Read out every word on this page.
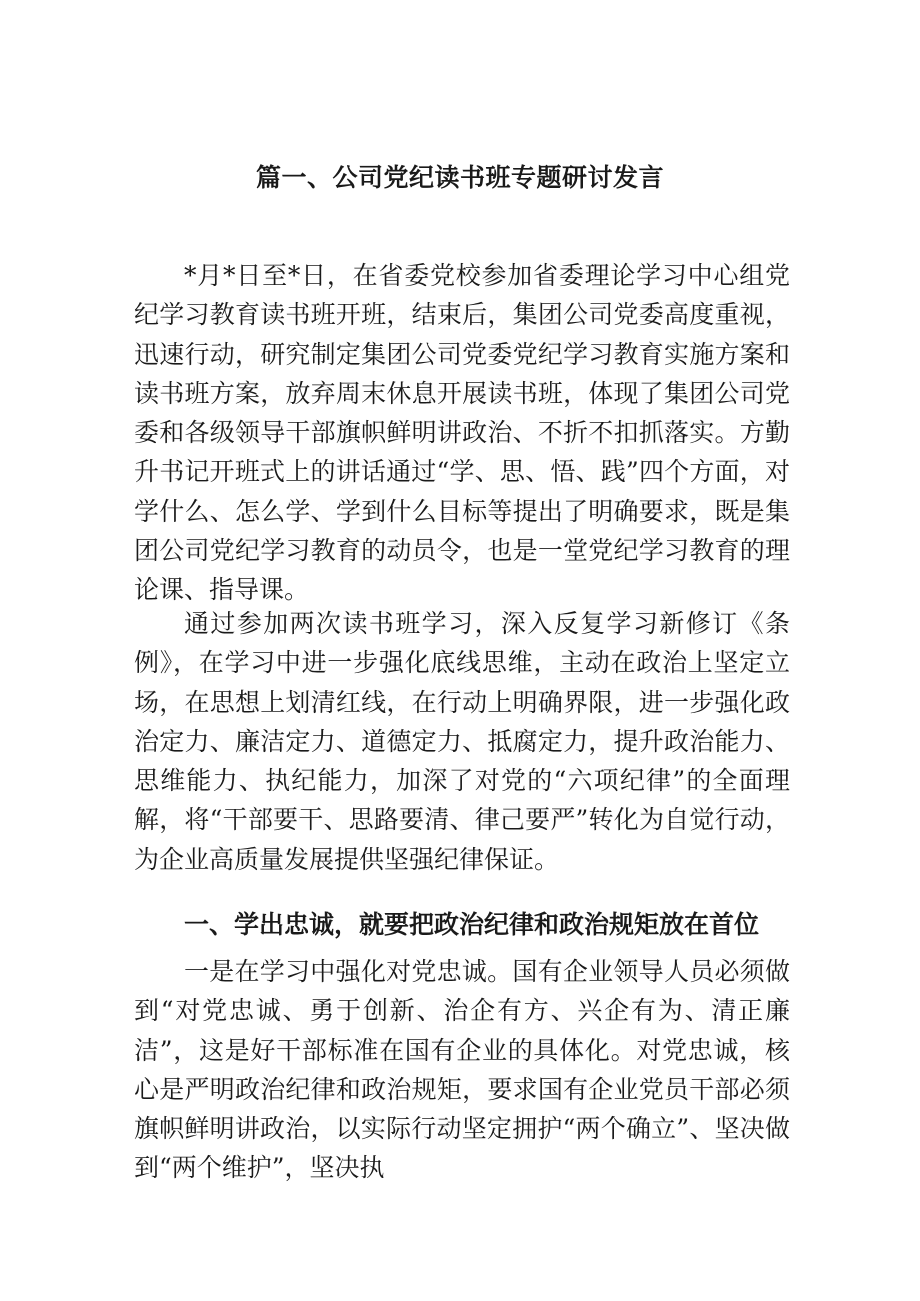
篇一、公司党纪读书班专题研讨发言

*月*日至*日，在省委党校参加省委理论学习中心组党纪学习教育读书班开班，结束后，集团公司党委高度重视，迅速行动，研究制定集团公司党委党纪学习教育实施方案和读书班方案，放弃周末休息开展读书班，体现了集团公司党委和各级领导干部旗帜鲜明讲政治、不折不扣抓落实。方勤升书记开班式上的讲话通过“学、思、悟、践”四个方面，对学什么、怎么学、学到什么目标等提出了明确要求，既是集团公司党纪学习教育的动员令，也是一堂党纪学习教育的理论课、指导课。

通过参加两次读书班学习，深入反复学习新修订《条例》，在学习中进一步强化底线思维，主动在政治上坚定立场，在思想上划清红线，在行动上明确界限，进一步强化政治定力、廉洁定力、道德定力、抵腐定力，提升政治能力、思维能力、执纪能力，加深了对党的“六项纪律”的全面理解，将“干部要干、思路要清、律己要严”转化为自觉行动，为企业高质量发展提供坚强纪律保证。

一、学出忠诚，就要把政治纪律和政治规矩放在首位

一是在学习中强化对党忠诚。国有企业领导人员必须做到“对党忠诚、勇于创新、治企有方、兴企有为、清正廉洁”，这是好干部标准在国有企业的具体化。对党忠诚，核心是严明政治纪律和政治规矩，要求国有企业党员干部必须旗帜鲜明讲政治，以实际行动坚定拥护“两个确立”、坚决做到“两个维护”，坚决执
